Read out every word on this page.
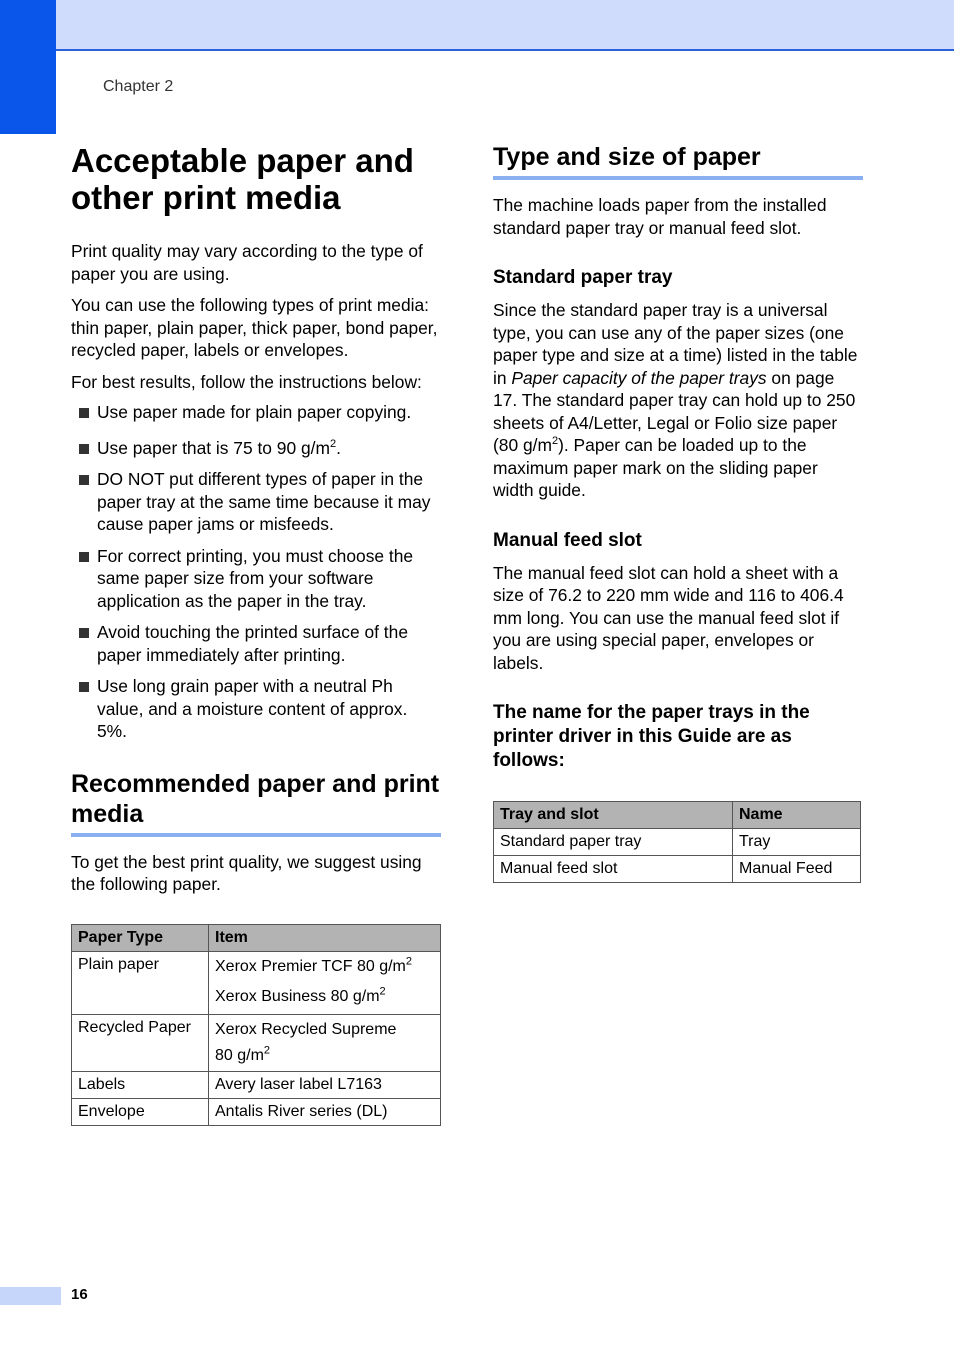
Chapter 2
Acceptable paper and other print media

Print quality may vary according to the type of paper you are using.

You can use the following types of print media: thin paper, plain paper, thick paper, bond paper, recycled paper, labels or envelopes.

For best results, follow the instructions below:

Use paper made for plain paper copying.
Use paper that is 75 to 90 $g/m^2$.
DO NOT put different types of paper in the paper tray at the same time because it may cause paper jams or misfeeds.
For correct printing, you must choose the same paper size from your software application as the paper in the tray.
Avoid touching the printed surface of the paper immediately after printing.
Use long grain paper with a neutral Ph value, and a moisture content of approx. 5%.
Recommended paper and print media

To get the best print quality, we suggest using the following paper.

Paper Type	Item
Plain paper	Xerox Premier TCF 80 $g/m^2$
Xerox Business 80 $g/m^2$

Recycled Paper	Xerox Recycled Supreme 80 $g/m^2$
Labels	Avery laser label L7163
Envelope	Antalis River series (DL)
Type and size of paper

The machine loads paper from the installed standard paper tray or manual feed slot.

Standard paper tray

Since the standard paper tray is a universal type, you can use any of the paper sizes (one paper type and size at a time) listed in the table in Paper capacity of the paper trays on page 17. The standard paper tray can hold up to 250 sheets of A4/Letter, Legal or Folio size paper (80 $g/m^2$). Paper can be loaded up to the maximum paper mark on the sliding paper width guide.

Manual feed slot

The manual feed slot can hold a sheet with a size of 76.2 to 220 mm wide and 116 to 406.4 mm long. You can use the manual feed slot if you are using special paper, envelopes or labels.

The name for the paper trays in the printer driver in this Guide are as follows:
Tray and slot	Name
Standard paper tray	Tray
Manual feed slot	Manual Feed
16
